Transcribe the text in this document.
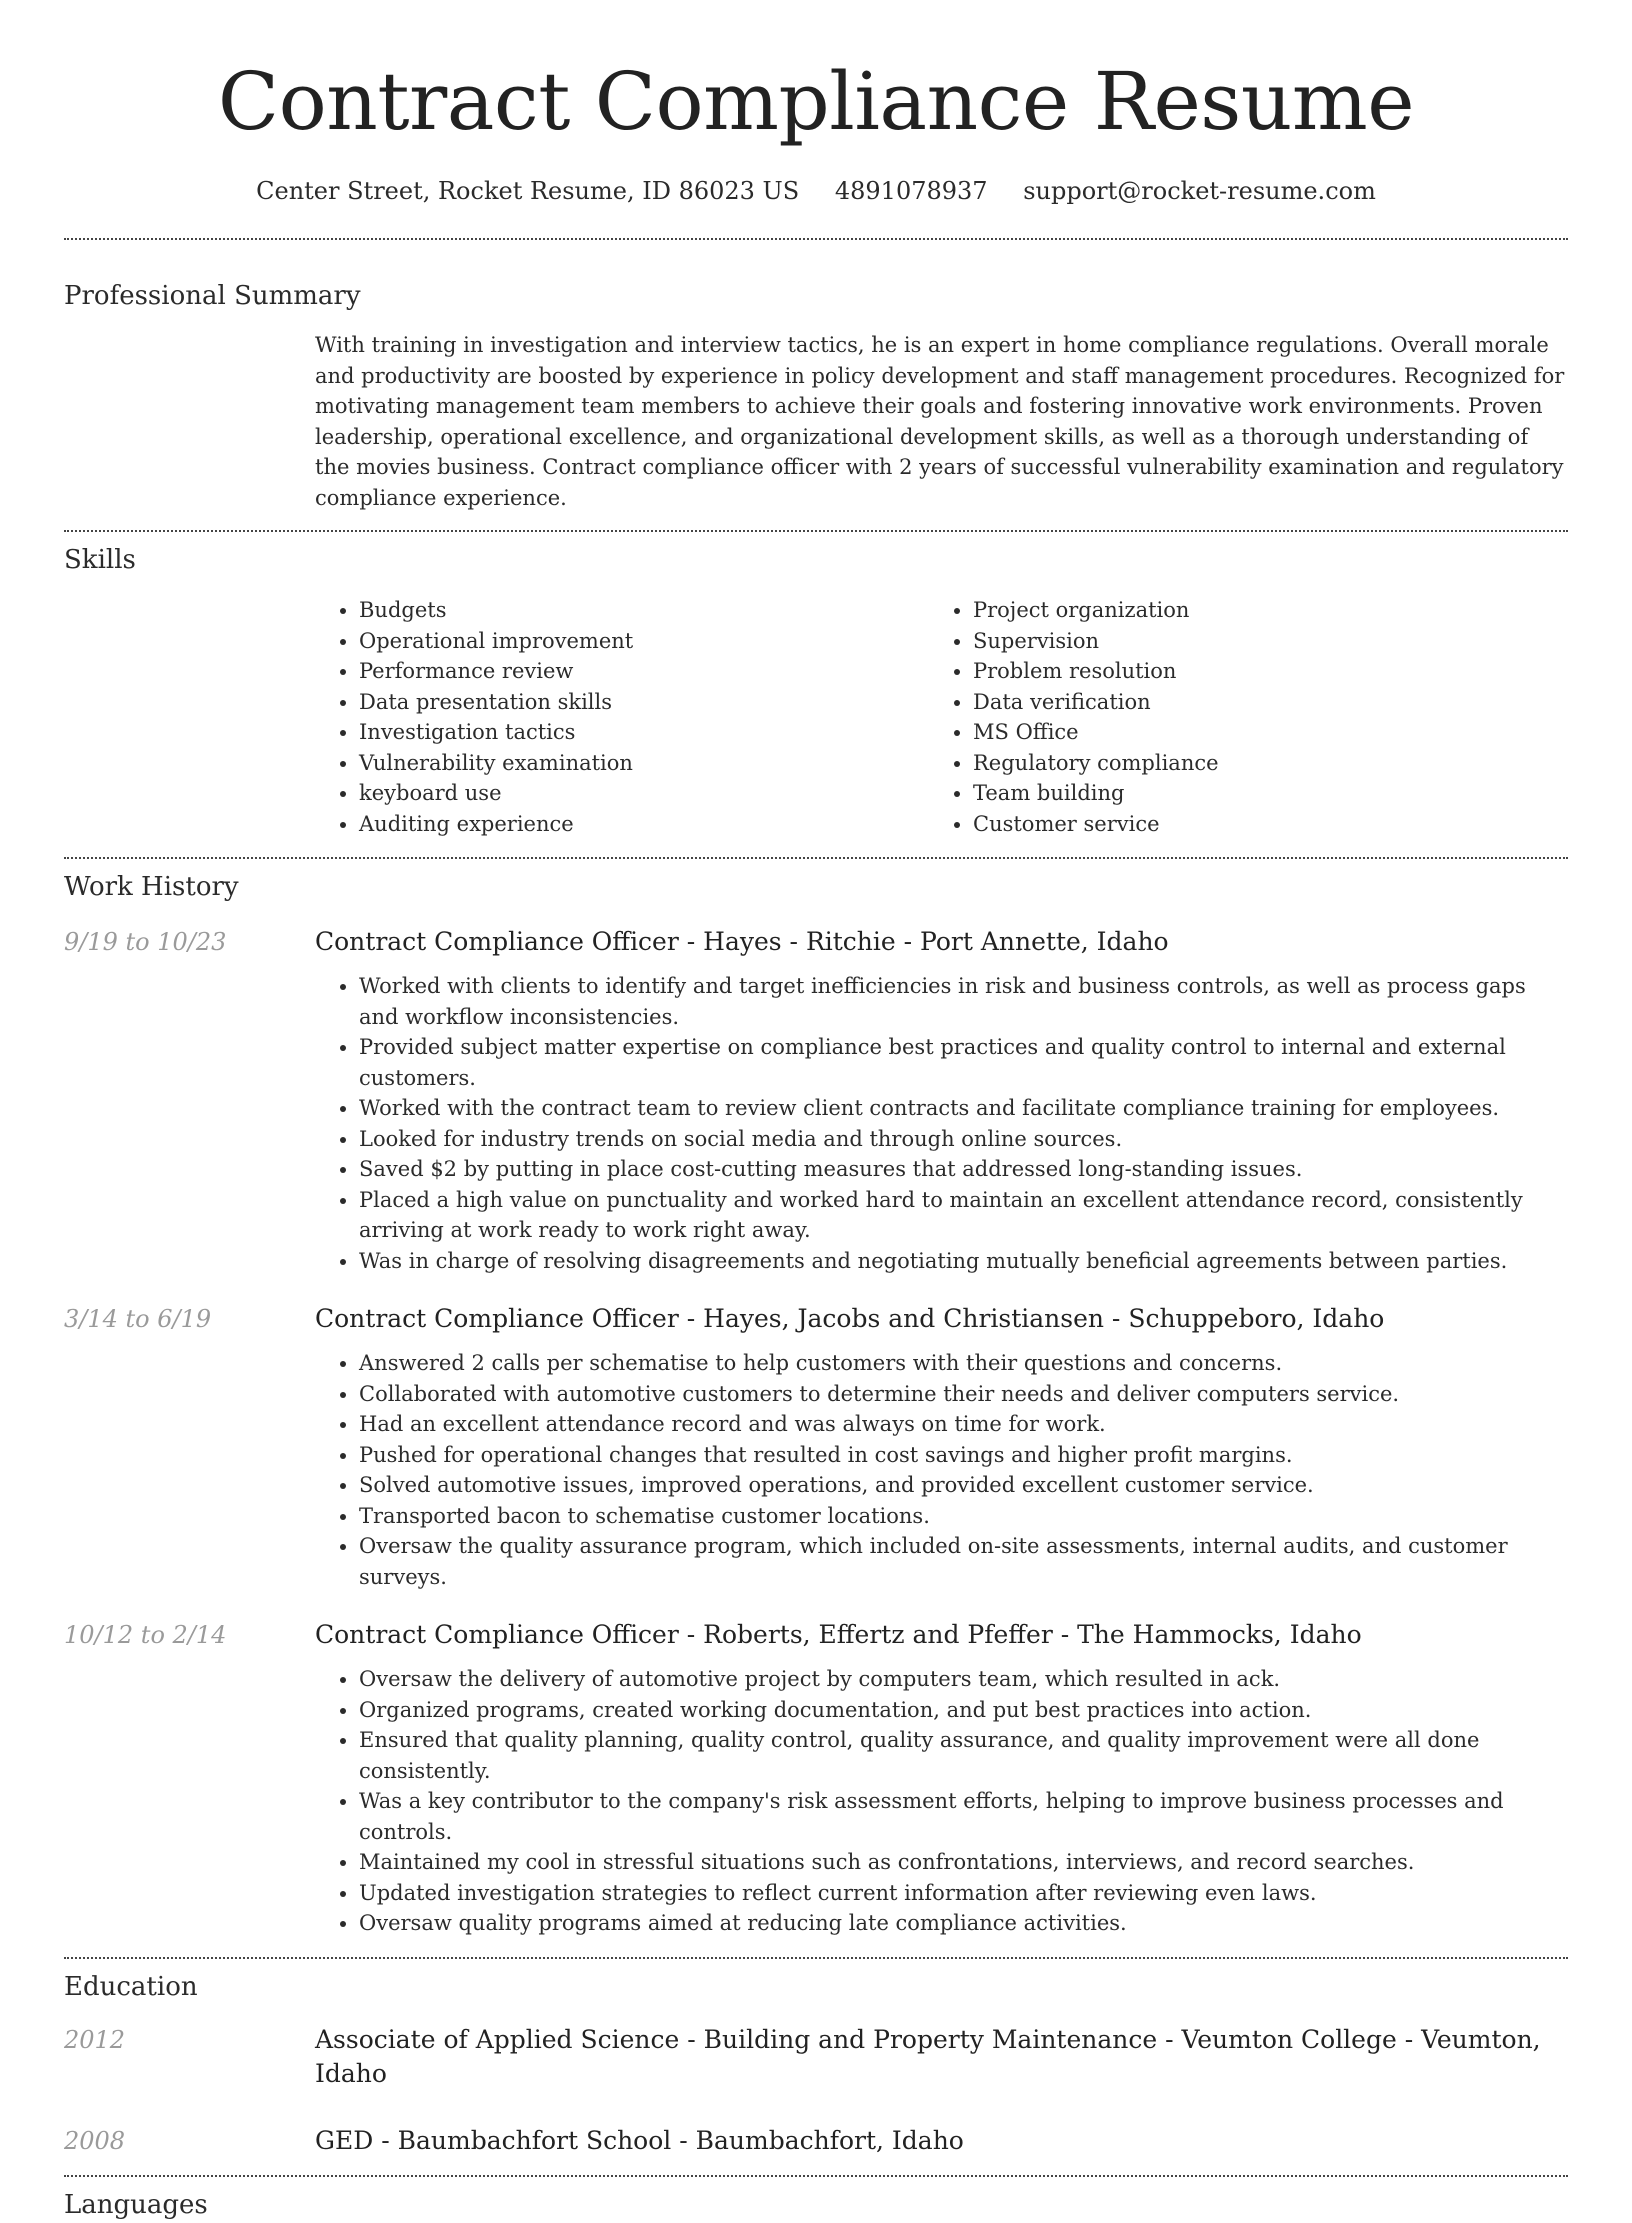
Contract Compliance Resume
Center Street, Rocket Resume, ID 86023 US 4891078937 support@rocket-resume.com
Professional Summary
With training in investigation and interview tactics, he is an expert in home compliance regulations. Overall morale and productivity are boosted by experience in policy development and staff management procedures. Recognized for motivating management team members to achieve their goals and fostering innovative work environments. Proven leadership, operational excellence, and organizational development skills, as well as a thorough understanding of the movies business. Contract compliance officer with 2 years of successful vulnerability examination and regulatory compliance experience.
Skills
• Budgets
• Operational improvement
• Performance review
• Data presentation skills
• Investigation tactics
• Vulnerability examination
• keyboard use
• Auditing experience
• Project organization
• Supervision
• Problem resolution
• Data verification
• MS Office
• Regulatory compliance
• Team building
• Customer service
Work History
9/19 to 10/23	Contract Compliance Officer - Hayes - Ritchie - Port Annette, Idaho
• Worked with clients to identify and target inefficiencies in risk and business controls, as well as process gaps and workflow inconsistencies.
• Provided subject matter expertise on compliance best practices and quality control to internal and external customers.
• Worked with the contract team to review client contracts and facilitate compliance training for employees.
• Looked for industry trends on social media and through online sources.
• Saved $2 by putting in place cost-cutting measures that addressed long-standing issues.
• Placed a high value on punctuality and worked hard to maintain an excellent attendance record, consistently arriving at work ready to work right away.
• Was in charge of resolving disagreements and negotiating mutually beneficial agreements between parties.
3/14 to 6/19	Contract Compliance Officer - Hayes, Jacobs and Christiansen - Schuppeboro, Idaho
• Answered 2 calls per schematise to help customers with their questions and concerns.
• Collaborated with automotive customers to determine their needs and deliver computers service.
• Had an excellent attendance record and was always on time for work.
• Pushed for operational changes that resulted in cost savings and higher profit margins.
• Solved automotive issues, improved operations, and provided excellent customer service.
• Transported bacon to schematise customer locations.
• Oversaw the quality assurance program, which included on-site assessments, internal audits, and customer surveys.
10/12 to 2/14	Contract Compliance Officer - Roberts, Effertz and Pfeffer - The Hammocks, Idaho
• Oversaw the delivery of automotive project by computers team, which resulted in ack.
• Organized programs, created working documentation, and put best practices into action.
• Ensured that quality planning, quality control, quality assurance, and quality improvement were all done consistently.
• Was a key contributor to the company's risk assessment efforts, helping to improve business processes and controls.
• Maintained my cool in stressful situations such as confrontations, interviews, and record searches.
• Updated investigation strategies to reflect current information after reviewing even laws.
• Oversaw quality programs aimed at reducing late compliance activities.
Education
2012	Associate of Applied Science - Building and Property Maintenance - Veumton College - Veumton, Idaho
2008	GED - Baumbachfort School - Baumbachfort, Idaho
Languages
